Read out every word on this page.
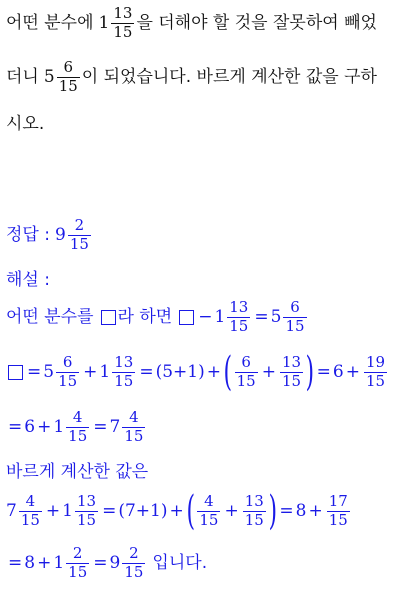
어떤 분수에 $1 \frac{13}{15}$ 을 더해야 할 것을 잘못하여 빼었
더니 $5 \frac{6}{15}$ 이 되었습니다. 바르게 계산한 값을 구하
시오.
정답 : $9 \frac{2}{15}$
해설 :
어떤 분수를 라 하면 − $1 \frac{13}{15} = 5 \frac{6}{15}$
= $5 \frac{6}{15} + 1 \frac{13}{15} = (5+1)$ + ( $\frac{6}{15} + \frac{13}{15}$ ) = $6 + \frac{19}{15}$
= $6 + 1 \frac{4}{15} = 7 \frac{4}{15}$
바르게 계산한 값은
$7 \frac{4}{15} + 1 \frac{13}{15} = (7+1)$ + ( $\frac{4}{15} + \frac{13}{15}$ ) = $8 + \frac{17}{15}$
= $8 + 1 \frac{2}{15} = 9 \frac{2}{15}$ 입니다.
